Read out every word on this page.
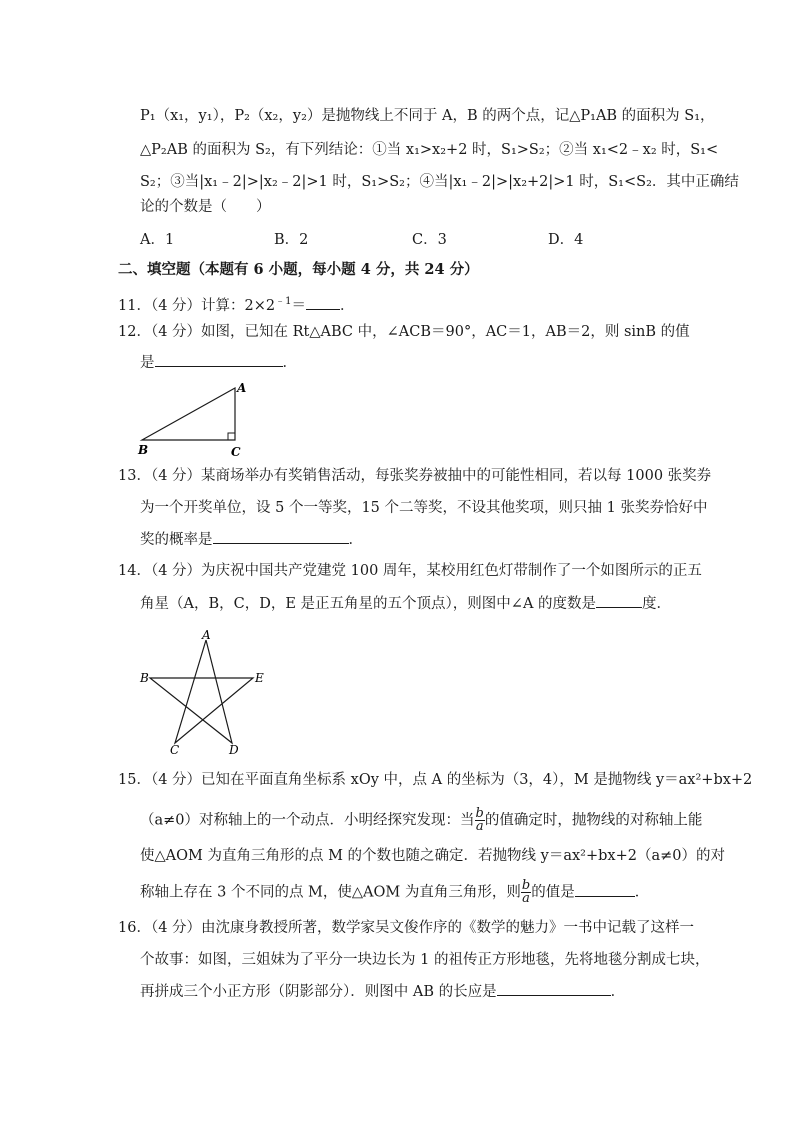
P₁（x₁，y₁），P₂（x₂，y₂）是抛物线上不同于 A，B 的两个点，记△P₁AB 的面积为 S₁，
△P₂AB 的面积为 S₂，有下列结论：①当 x₁>x₂+2 时，S₁>S₂；②当 x₁<2﹣x₂ 时，S₁<
S₂；③当|x₁﹣2|>|x₂﹣2|>1 时，S₁>S₂；④当|x₁﹣2|>|x₂+2|>1 时，S₁<S₂．其中正确结
论的个数是（　　）
A．1	B．2	C．3	D．4
二、填空题（本题有 6 小题，每小题 4 分，共 24 分）
11．（4 分）计算：$2\times 2^{﹣1}=$ ．
12．（4 分）如图，已知在 Rt△ABC 中，∠ACB＝90°，AC＝1，AB＝2，则 sinB 的值
是	．
A
B	C
13．（4 分）某商场举办有奖销售活动，每张奖券被抽中的可能性相同，若以每 1000 张奖券
为一个开奖单位，设 5 个一等奖，15 个二等奖，不设其他奖项，则只抽 1 张奖券恰好中
奖的概率是	．
14．（4 分）为庆祝中国共产党建党 100 周年，某校用红色灯带制作了一个如图所示的正五
角星（A，B，C，D，E 是正五角星的五个顶点），则图中∠A 的度数是	度．
A
B	E
C	D
15．（4 分）已知在平面直角坐标系 xOy 中，点 A 的坐标为（3，4），M 是抛物线 y＝ax²+bx+2
（a≠0）对称轴上的一个动点．小明经探究发现：当 $\frac{b}{a}$ 的值确定时，抛物线的对称轴上能
使△AOM 为直角三角形的点 M 的个数也随之确定．若抛物线 y＝ax²+bx+2（a≠0）的对
称轴上存在 3 个不同的点 M，使△AOM 为直角三角形，则 $\frac{b}{a}$ 的值是	．
16．（4 分）由沈康身教授所著，数学家吴文俊作序的《数学的魅力》一书中记载了这样一
个故事：如图，三姐妹为了平分一块边长为 1 的祖传正方形地毯，先将地毯分割成七块，
再拼成三个小正方形（阴影部分）．则图中 AB 的长应是	．
